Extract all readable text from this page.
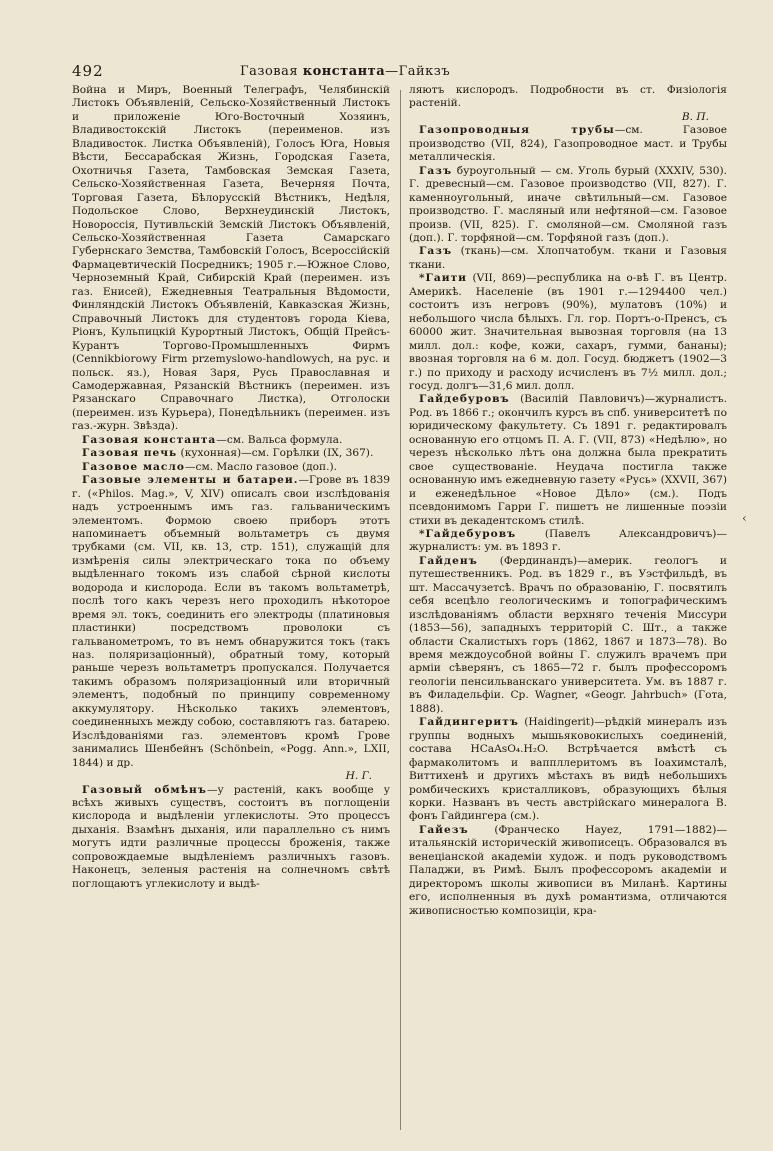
492	Газовая константа—Гайкзъ

Война и Миръ, Военный Телеграфъ, Челябинскій Листокъ Объявленій, Сельско-Хозяйственный Листокъ и приложеніе Юго-Восточный Хозяинъ, Владивостокскій Листокъ (переименов. изъ Владивосток. Листка Объявленій), Голосъ Юга, Новыя Вѣсти, Бессарабская Жизнь, Городская Газета, Охотничья Газета, Тамбовская Земская Газета, Сельско-Хозяйственная Газета, Вечерняя Почта, Торговая Газета, Бѣлорусскій Вѣстникъ, Недѣля, Подольское Слово, Верхнеудинскій Листокъ, Новороссія, Путивльскій Земскій Листокъ Объявленій, Сельско-Хозяйственная Газета Самарскаго Губернскаго Земства, Тамбовскій Голосъ, Всероссійскій Фармацевтическій Посредникъ; 1905 г.—Южное Слово, Черноземный Край, Сибирскій Край (переимен. изъ газ. Енисей), Ежедневныя Театральныя Вѣдомости, Финляндскій Листокъ Объявленій, Кавказская Жизнь, Справочный Листокъ для студентовъ города Кіева, Ріонъ, Кульпицкій Курортный Листокъ, Общій Прейсъ-Курантъ Торгово-Промышленныхъ Фирмъ (Cennikbiorowy Firm przemyslowo-handlowych, на рус. и польск. яз.), Новая Заря, Русь Православная и Самодержавная, Рязанскій Вѣстникъ (переимен. изъ Рязанскаго Справочнаго Листка), Отголоски (переимен. изъ Курьера), Понедѣльникъ (переимен. изъ газ.-журн. Звѣзда).

Газовая константа—см. Вальса формула.

Газовая печь (кухонная)—см. Горѣлки (IX, 367).

Газовое масло—см. Масло газовое (доп.).

Газовые элементы и батареи.—Грове въ 1839 г. («Philos. Mag.», V, XIV) описалъ свои изслѣдованія надъ устроеннымъ имъ газ. гальваническимъ элементомъ. Формою своею приборъ этотъ напоминаетъ объемный вольтаметръ съ двумя трубками (см. VII, кв. 13, стр. 151), служащій для измѣренія силы электрическаго тока по объему выдѣленнаго токомъ изъ слабой сѣрной кислоты водорода и кислорода. Если въ такомъ вольтаметрѣ, послѣ того какъ черезъ него проходилъ нѣкоторое время эл. токъ, соединить его электроды (платиновыя пластинки) посредствомъ проволоки съ гальванометромъ, то въ немъ обнаружится токъ (такъ наз. поляризаціонный), обратный тому, который раньше черезъ вольтаметръ пропускался. Получается такимъ образомъ поляризаціонный или вторичный элементъ, подобный по принципу современному аккумулятору. Нѣсколько такихъ элементовъ, соединенныхъ между собою, составляютъ газ. батарею. Изслѣдованіями газ. элементовъ кромѣ Грове занимались Шенбейнъ (Schönbein, «Pogg. Ann.», LXII, 1844) и др.
Н. Г.

Газовый обмѣнъ—у растеній, какъ вообще у всѣхъ живыхъ существъ, состоитъ въ поглощеніи кислорода и выдѣленіи углекислоты. Это процессъ дыханія. Взамѣнъ дыханія, или параллельно съ нимъ могутъ идти различные процессы броженія, также сопровождаемые выдѣленіемъ различныхъ газовъ. Наконецъ, зеленыя растенія на солнечномъ свѣтѣ поглощаютъ углекислоту и выдѣ-

ляютъ кислородъ. Подробности въ ст. Физіологія растеній.
В. П.

Газопроводныя трубы—см. Газовое производство (VII, 824), Газопроводное маст. и Трубы металлическія.

Газъ буроугольный — см. Уголь бурый (XXXIV, 530). Г. древесный—см. Газовое производство (VII, 827). Г. каменноугольный, иначе свѣтильный—см. Газовое производство. Г. масляный или нефтяной—см. Газовое произв. (VII, 825). Г. смоляной—см. Смоляной газъ (доп.). Г. торфяной—см. Торфяной газъ (доп.).

Газъ (ткань)—см. Хлопчатобум. ткани и Газовыя ткани.

*Гаити (VII, 869)—республика на о-вѣ Г. въ Центр. Америкѣ. Населеніе (въ 1901 г.—1294400 чел.) состоитъ изъ негровъ (90%), мулатовъ (10%) и небольшого числа бѣлыхъ. Гл. гор. Портъ-о-Пренсъ, съ 60000 жит. Значительная вывозная торговля (на 13 милл. дол.: кофе, кожи, сахаръ, гумми, бананы); ввозная торговля на 6 м. дол. Госуд. бюджетъ (1902—3 г.) по приходу и расходу исчисленъ въ 7½ милл. дол.; госуд. долгъ—31,6 мил. долл.

Гайдебуровъ (Василій Павловичъ)—журналистъ. Род. въ 1866 г.; окончилъ курсъ въ спб. университетѣ по юридическому факультету. Съ 1891 г. редактировалъ основанную его отцомъ П. А. Г. (VII, 873) «Недѣлю», но черезъ нѣсколько лѣтъ она должна была прекратить свое существованіе. Неудача постигла также основанную имъ ежедневную газету «Русь» (XXVII, 367) и еженедѣльное «Новое Дѣло» (см.). Подъ псевдонимомъ Гарри Г. пишетъ не лишенные поэзіи стихи въ декадентскомъ стилѣ.

*Гайдебуровъ (Павелъ Александровичъ)—журналистъ: ум. въ 1893 г.

Гайденъ (Фердинандъ)—америк. геологъ и путешественникъ. Род. въ 1829 г., въ Уэстфильдѣ, въ шт. Массачузетсѣ. Врачъ по образованію, Г. посвятилъ себя всецѣло геологическимъ и топографическимъ изслѣдованіямъ области верхняго теченія Миссури (1853—56), западныхъ территорій С. Шт., а также области Скалистыхъ горъ (1862, 1867 и 1873—78). Во время междоусобной войны Г. служилъ врачемъ при арміи сѣверянъ, съ 1865—72 г. былъ профессоромъ геологіи пенсильванскаго университета. Ум. въ 1887 г. въ Филадельфіи. Ср. Wagner, «Geogr. Jahrbuch» (Гота, 1888).

Гайдингеритъ (Haidingerit)—рѣдкій минералъ изъ группы водныхъ мышьяковокислыхъ соединеній, состава HCaAsO₄.H₂O. Встрѣчается вмѣстѣ съ фармаколитомъ и ваппллеритомъ въ Іоахимсталѣ, Виттихенѣ и другихъ мѣстахъ въ видѣ небольшихъ ромбическихъ кристалликовъ, образующихъ бѣлыя корки. Названъ въ честь австрійскаго минералога В. фонъ Гайдингера (см.).

Гайезъ (Франческо Hayez, 1791—1882)—итальянскій историческій живописецъ. Образовался въ венеціанской академіи худож. и подъ руководствомъ Паладжи, въ Римѣ. Былъ профессоромъ академіи и директоромъ школы живописи въ Миланѣ. Картины его, исполненныя въ духѣ романтизма, отличаются живописностью композиціи, кра-

‹
